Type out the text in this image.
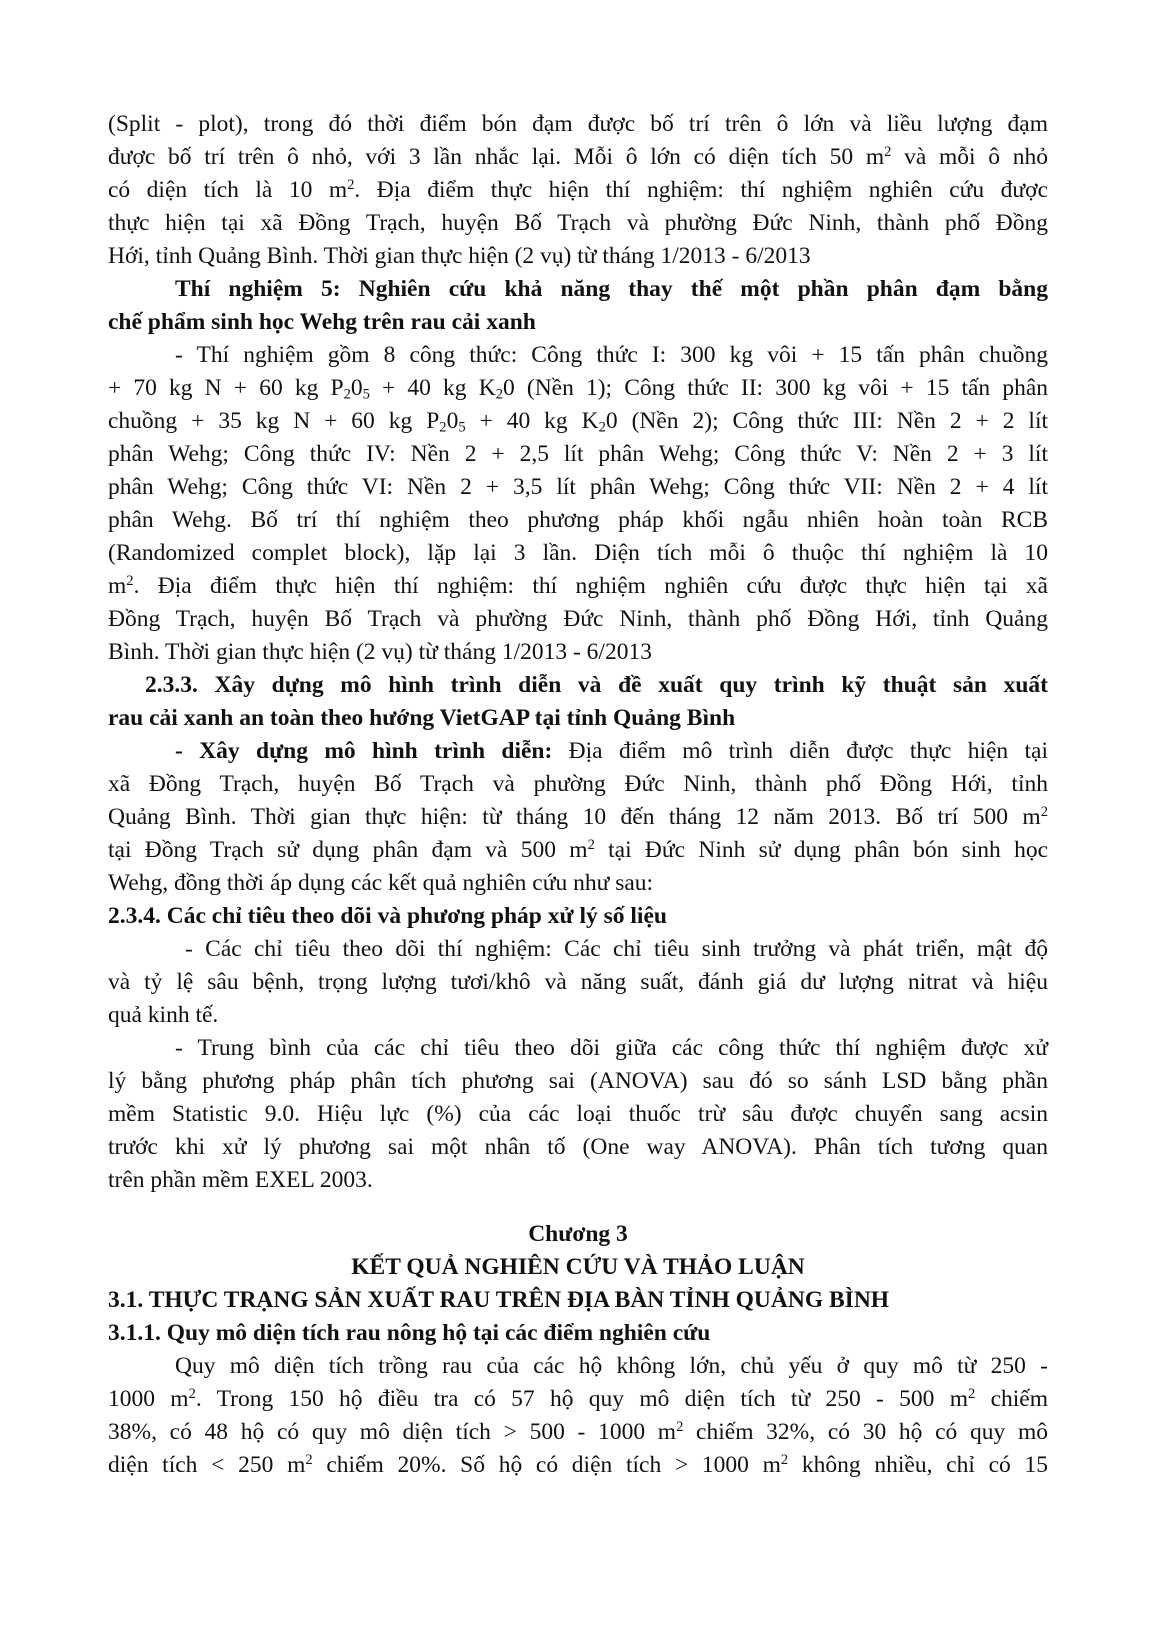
(Split - plot), trong đó thời điểm bón đạm được bố trí trên ô lớn và liều lượng đạm
được bố trí trên ô nhỏ, với 3 lần nhắc lại. Mỗi ô lớn có diện tích 50 $m^2$ và mỗi ô nhỏ
có diện tích là 10 $m^2$. Địa điểm thực hiện thí nghiệm: thí nghiệm nghiên cứu được
thực hiện tại xã Đồng Trạch, huyện Bố Trạch và phường Đức Ninh, thành phố Đồng
Hới, tỉnh Quảng Bình. Thời gian thực hiện (2 vụ) từ tháng 1/2013 - 6/2013
Thí nghiệm 5: Nghiên cứu khả năng thay thế một phần phân đạm bằng
chế phẩm sinh học Wehg trên rau cải xanh
- Thí nghiệm gồm 8 công thức: Công thức I: 300 kg vôi + 15 tấn phân chuồng
+ 70 kg N + 60 kg $P_20_5 + 40$ kg $K_20$ (Nền 1); Công thức II: 300 kg vôi + 15 tấn phân
chuồng + 35 kg N + 60 kg $P_20_5 + 40$ kg $K_20$ (Nền 2); Công thức III: Nền 2 + 2 lít
phân Wehg; Công thức IV: Nền 2 + 2,5 lít phân Wehg; Công thức V: Nền 2 + 3 lít
phân Wehg; Công thức VI: Nền 2 + 3,5 lít phân Wehg; Công thức VII: Nền 2 + 4 lít
phân Wehg. Bố trí thí nghiệm theo phương pháp khối ngẫu nhiên hoàn toàn RCB
(Randomized complet block), lặp lại 3 lần. Diện tích mỗi ô thuộc thí nghiệm là 10
$m^2$. Địa điểm thực hiện thí nghiệm: thí nghiệm nghiên cứu được thực hiện tại xã
Đồng Trạch, huyện Bố Trạch và phường Đức Ninh, thành phố Đồng Hới, tỉnh Quảng
Bình. Thời gian thực hiện (2 vụ) từ tháng 1/2013 - 6/2013
2.3.3. Xây dựng mô hình trình diễn và đề xuất quy trình kỹ thuật sản xuất
rau cải xanh an toàn theo hướng VietGAP tại tỉnh Quảng Bình
- Xây dựng mô hình trình diễn: Địa điểm mô trình diễn được thực hiện tại
xã Đồng Trạch, huyện Bố Trạch và phường Đức Ninh, thành phố Đồng Hới, tỉnh
Quảng Bình. Thời gian thực hiện: từ tháng 10 đến tháng 12 năm 2013. Bố trí 500 $m^2$
tại Đồng Trạch sử dụng phân đạm và 500 $m^2$ tại Đức Ninh sử dụng phân bón sinh học
Wehg, đồng thời áp dụng các kết quả nghiên cứu như sau:
2.3.4. Các chỉ tiêu theo dõi và phương pháp xử lý số liệu
- Các chỉ tiêu theo dõi thí nghiệm: Các chỉ tiêu sinh trưởng và phát triển, mật độ
và tỷ lệ sâu bệnh, trọng lượng tươi/khô và năng suất, đánh giá dư lượng nitrat và hiệu
quả kinh tế.
- Trung bình của các chỉ tiêu theo dõi giữa các công thức thí nghiệm được xử
lý bằng phương pháp phân tích phương sai (ANOVA) sau đó so sánh LSD bằng phần
mềm Statistic 9.0. Hiệu lực (%) của các loại thuốc trừ sâu được chuyển sang acsin
trước khi xử lý phương sai một nhân tố (One way ANOVA). Phân tích tương quan
trên phần mềm EXEL 2003.
Chương 3
KẾT QUẢ NGHIÊN CỨU VÀ THẢO LUẬN
3.1. THỰC TRẠNG SẢN XUẤT RAU TRÊN ĐỊA BÀN TỈNH QUẢNG BÌNH
3.1.1. Quy mô diện tích rau nông hộ tại các điểm nghiên cứu
Quy mô diện tích trồng rau của các hộ không lớn, chủ yếu ở quy mô từ 250 -
1000 $m^2$. Trong 150 hộ điều tra có 57 hộ quy mô diện tích từ 250 - 500 $m^2$ chiếm
38%, có 48 hộ có quy mô diện tích > 500 - 1000 $m^2$ chiếm 32%, có 30 hộ có quy mô
diện tích < 250 $m^2$ chiếm 20%. Số hộ có diện tích > 1000 $m^2$ không nhiều, chỉ có 15
